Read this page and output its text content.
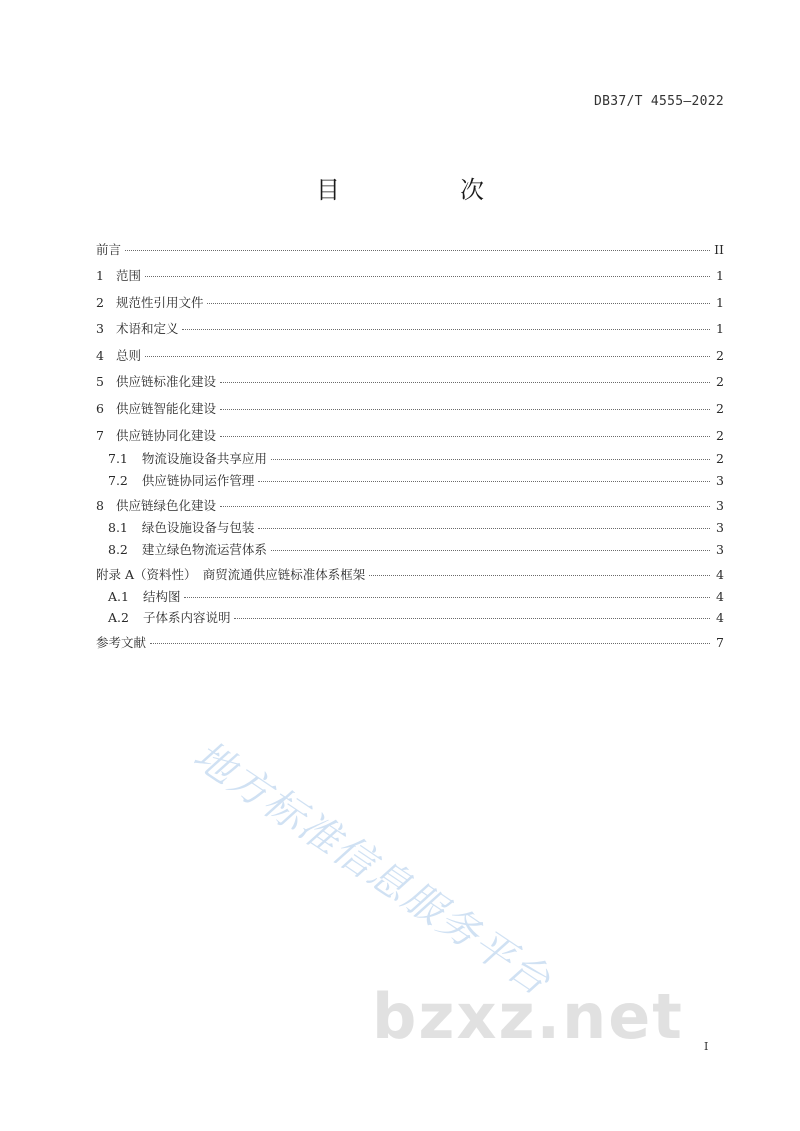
DB37/T 4555—2022
目　次
前言	II
1 范围	1
2 规范性引用文件	1
3 术语和定义	1
4 总则	2
5 供应链标准化建设	2
6 供应链智能化建设	2
7 供应链协同化建设	2
7.1 物流设施设备共享应用	2
7.2 供应链协同运作管理	3
8 供应链绿色化建设	3
8.1 绿色设施设备与包装	3
8.2 建立绿色物流运营体系	3
附录 A（资料性）　商贸流通供应链标准体系框架	4
A.1 结构图	4
A.2 子体系内容说明	4
参考文献	7
地方标准信息服务平台
bzxz.net I
